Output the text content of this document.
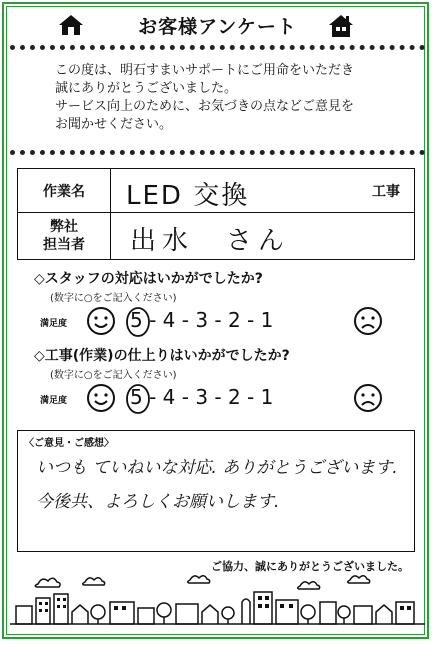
お客様アンケート
この度は、明石すまいサポートにご用命をいただき
誠にありがとうございました。
サービス向上のために、お気づきの点などご意見を
お聞かせください。
作業名	LED 交換	工事
弊社
担当者	出水　さん
◇スタッフの対応はいかがでしたか?
(数字に○をご記入ください)
満足度	5 - 4 - 3 - 2 - 1
◇工事(作業)の仕上りはいかがでしたか?
(数字に○をご記入ください)
満足度	5 - 4 - 3 - 2 - 1
〈ご意見・ご感想〉
いつも ていねいな対応. ありがとうございます.
今後共、よろしくお願いします.
ご協力、誠にありがとうございました。
